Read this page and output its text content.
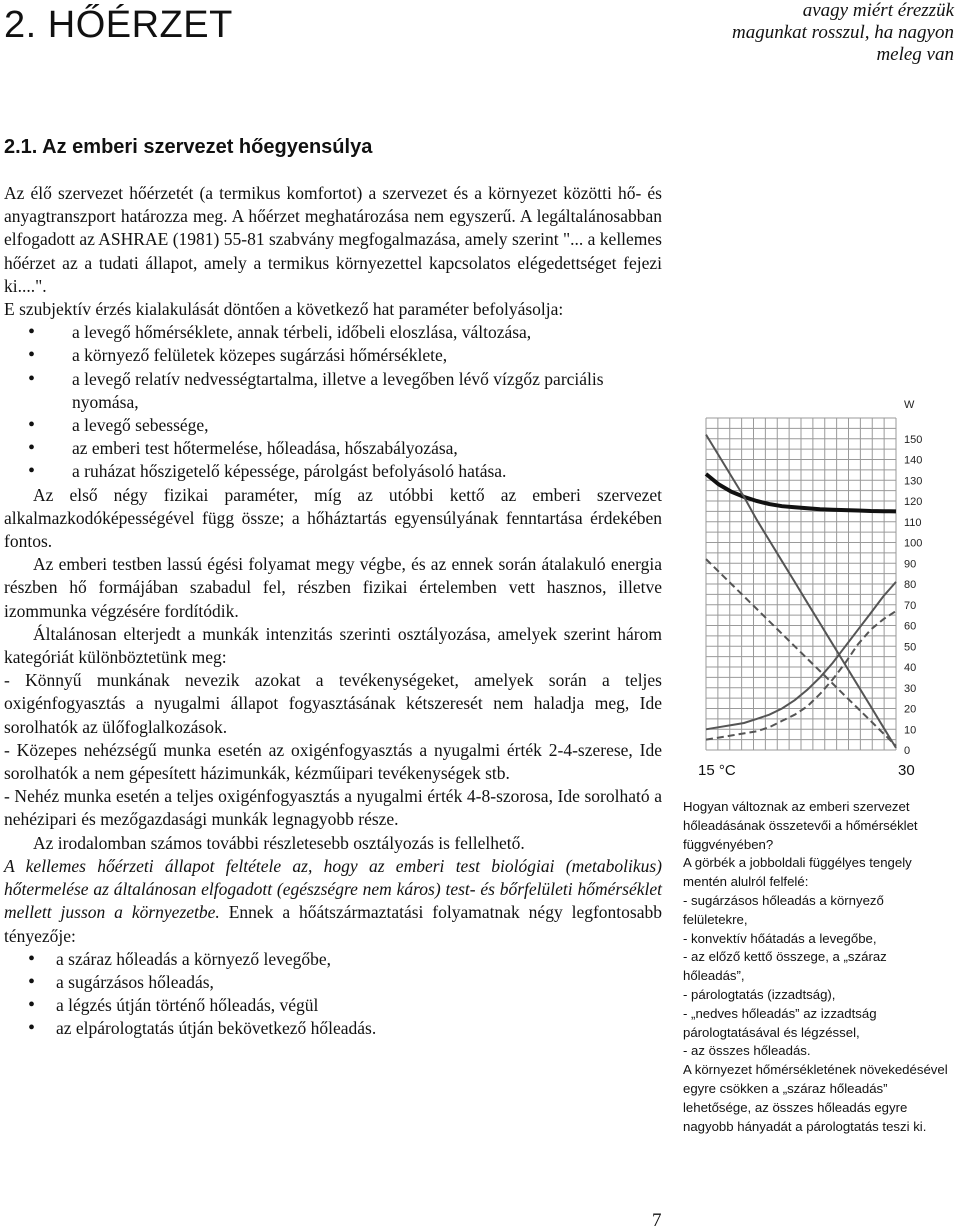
2. HŐÉRZET	avagy miért érezzük
magunkat rosszul, ha nagyon
meleg van
2.1. Az emberi szervezet hőegyensúlya

Az élő szervezet hőérzetét (a termikus komfortot) a szervezet és a környezet közötti hő- és anyagtranszport határozza meg. A hőérzet meghatározása nem egyszerű. A legáltalánosabban elfogadott az ASHRAE (1981) 55-81 szabvány megfogalmazása, amely szerint "... a kellemes hőérzet az a tudati állapot, amely a termikus környezettel kapcsolatos elégedettséget fejezi ki....".

E szubjektív érzés kialakulását döntően a következő hat paraméter befolyásolja:

• a levegő hőmérséklete, annak térbeli, időbeli eloszlása, változása,
• a környező felületek közepes sugárzási hőmérséklete,
• a levegő relatív nedvességtartalma, illetve a levegőben lévő vízgőz parciális nyomása,
• a levegő sebessége,
• az emberi test hőtermelése, hőleadása, hőszabályozása,
• a ruházat hőszigetelő képessége, párolgást befolyásoló hatása.

Az első négy fizikai paraméter, míg az utóbbi kettő az emberi szervezet alkalmazkodóképességével függ össze; a hőháztartás egyensúlyának fenntartása érdekében fontos.

Az emberi testben lassú égési folyamat megy végbe, és az ennek során átalakuló energia részben hő formájában szabadul fel, részben fizikai értelemben vett hasznos, illetve izommunka végzésére fordítódik.

Általánosan elterjedt a munkák intenzitás szerinti osztályozása, amelyek szerint három kategóriát különböztetünk meg:

- Könnyű munkának nevezik azokat a tevékenységeket, amelyek során a teljes oxigénfogyasztás a nyugalmi állapot fogyasztásának kétszeresét nem haladja meg, Ide sorolhatók az ülőfoglalkozások.

- Közepes nehézségű munka esetén az oxigénfogyasztás a nyugalmi érték 2-4-szerese, Ide sorolhatók a nem gépesített házimunkák, kézműipari tevékenységek stb.

- Nehéz munka esetén a teljes oxigénfogyasztás a nyugalmi érték 4-8-szorosa, Ide sorolható a nehézipari és mezőgazdasági munkák legnagyobb része.

Az irodalomban számos további részletesebb osztályozás is fellelhető.

A kellemes hőérzeti állapot feltétele az, hogy az emberi test biológiai (metabolikus) hőtermelése az általánosan elfogadott (egészségre nem káros) test- és bőrfelületi hőmérséklet mellett jusson a környezetbe. Ennek a hőátszármaztatási folyamatnak négy legfontosabb tényezője:

• a száraz hőleadás a környező levegőbe,
• a sugárzásos hőleadás,
• a légzés útján történő hőleadás, végül
• az elpárologtatás útján bekövetkező hőleadás.
0
10
20
30
40
50
60
70
80
90
100
110
120
130
140
150
W
15 °C	30
Hogyan változnak az emberi szervezet hőleadásának összetevői a hőmérséklet függvényében?
A görbék a jobboldali függélyes tengely mentén alulról felfelé:
- sugárzásos hőleadás a környező felületekre,
- konvektív hőátadás a levegőbe,
- az előző kettő összege, a „száraz hőleadás”,
- párologtatás (izzadtság),
- „nedves hőleadás” az izzadtság párologtatásával és légzéssel,
- az összes hőleadás.
A környezet hőmérsékletének növekedésével egyre csökken a „száraz hőleadás” lehetősége, az összes hőleadás egyre nagyobb hányadát a párologtatás teszi ki.
7
